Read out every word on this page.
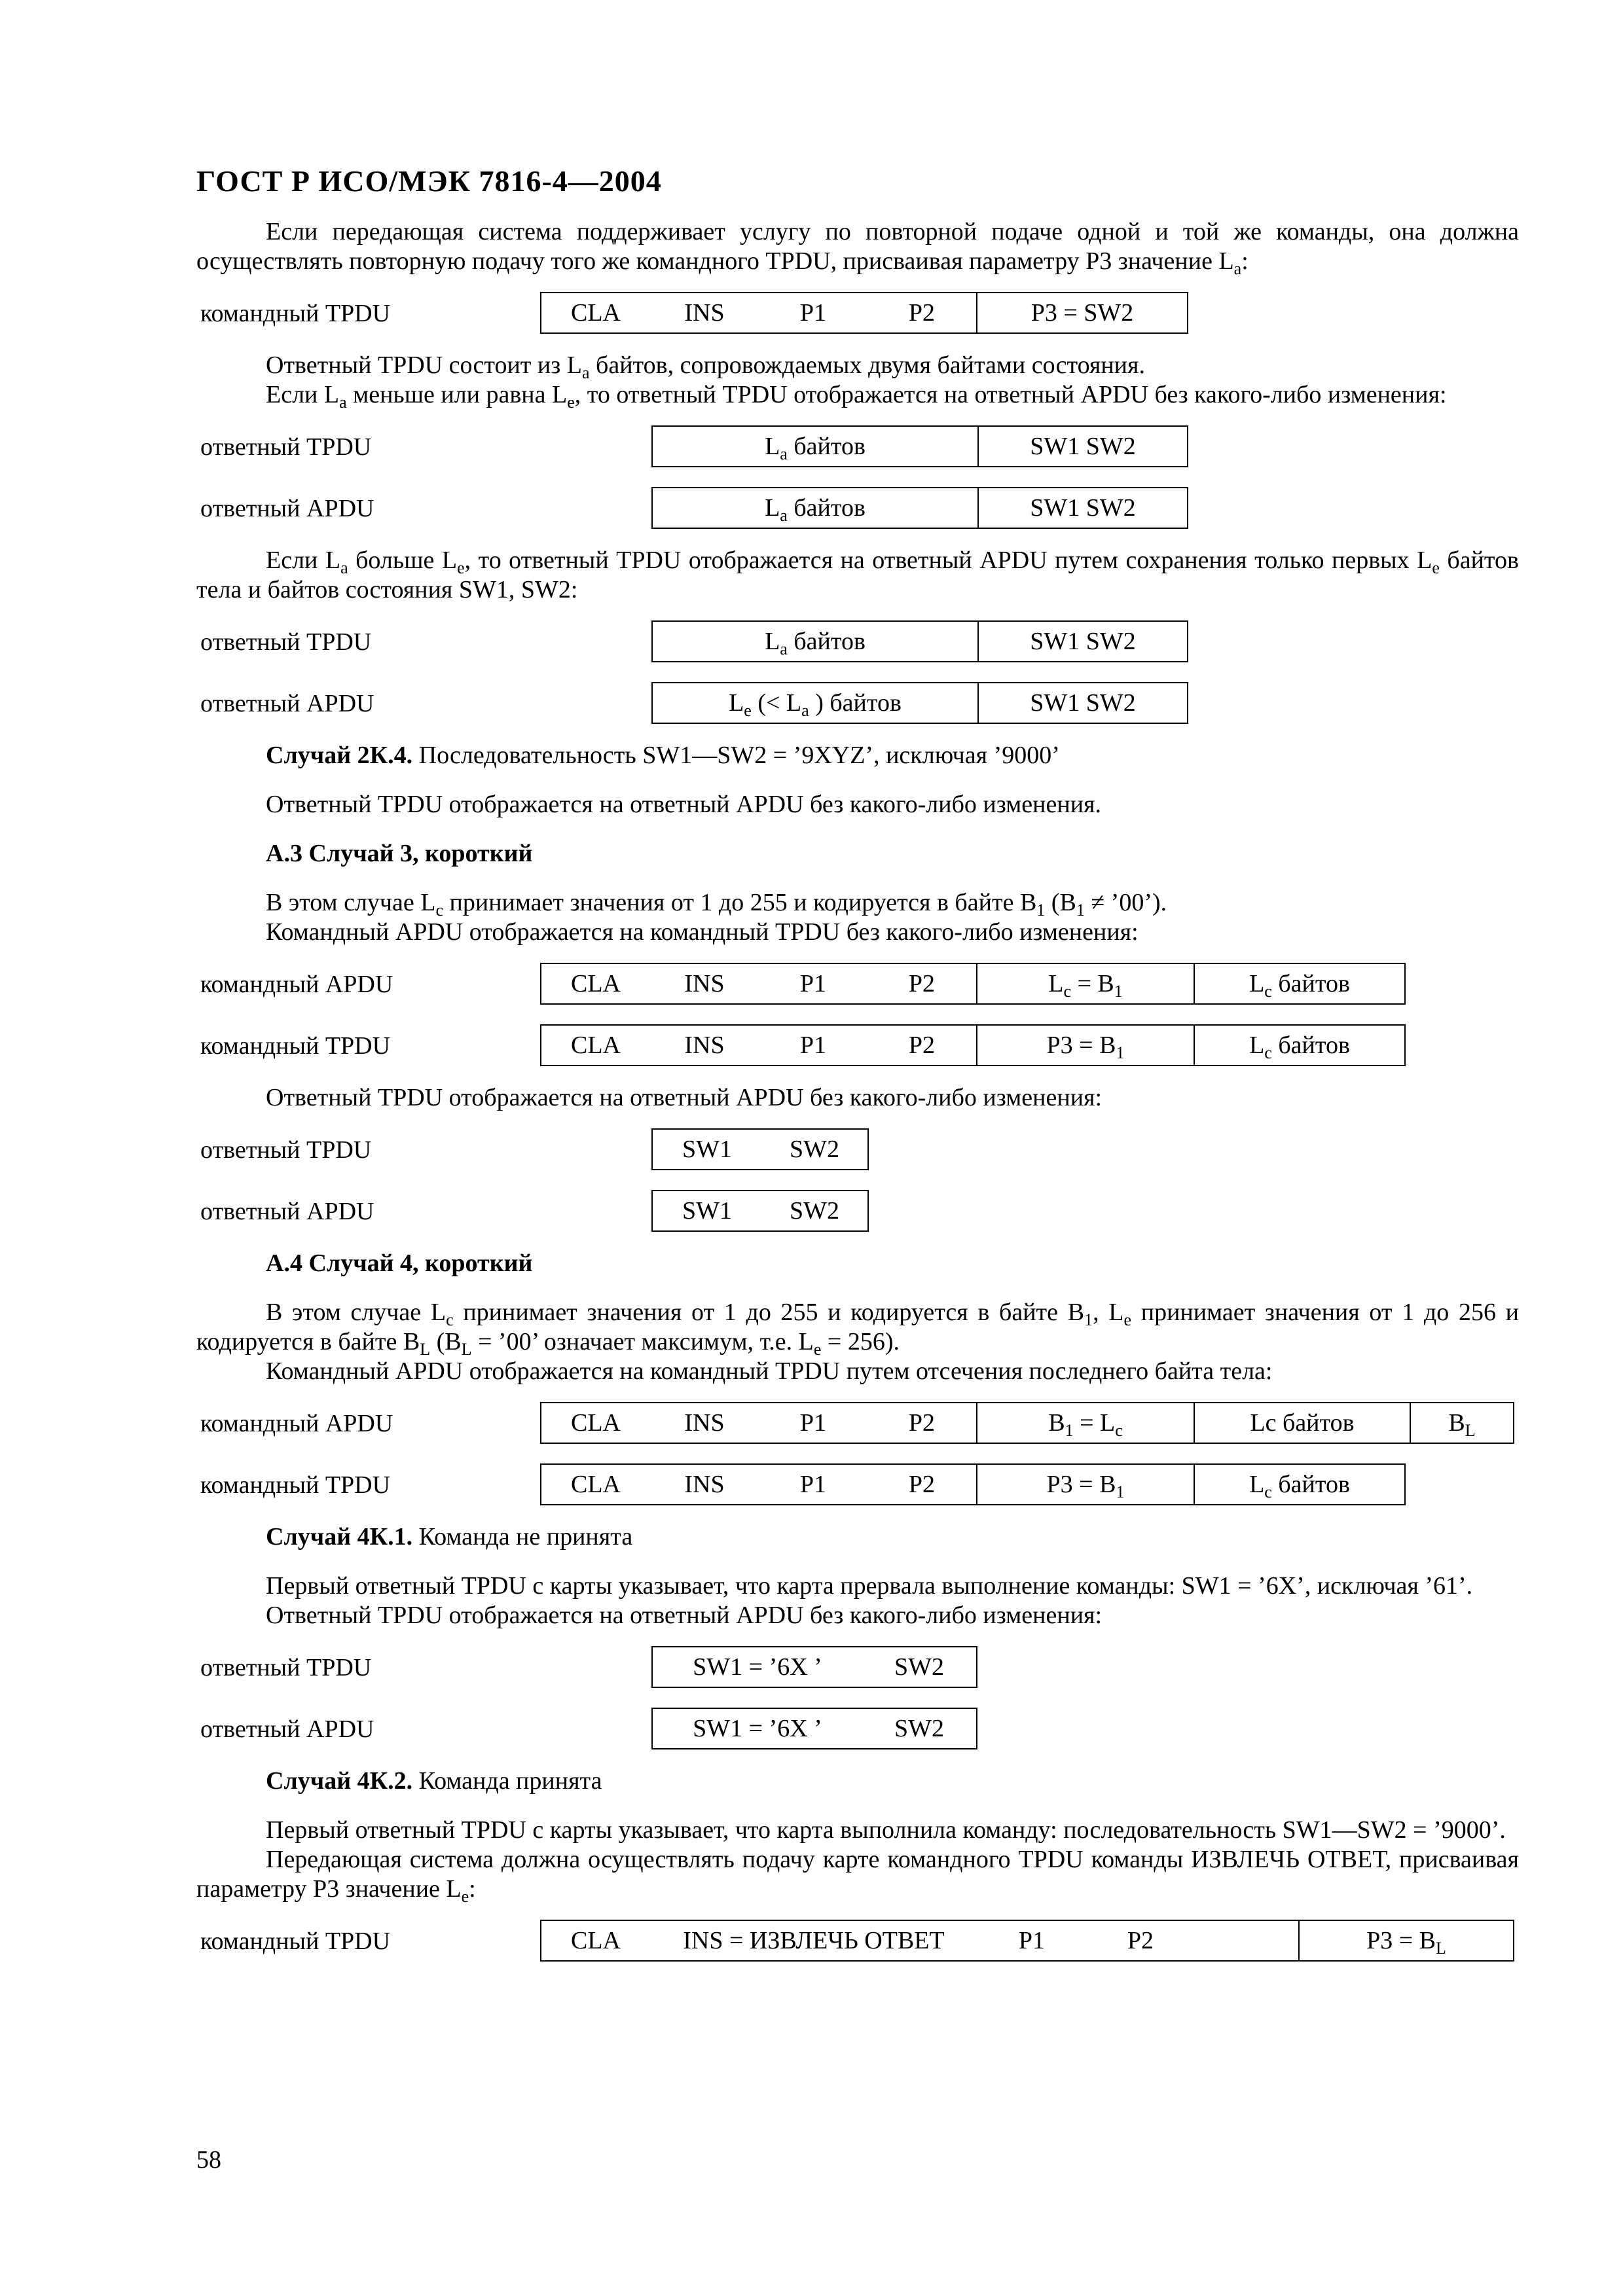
ГОСТ Р ИСО/МЭК 7816-4—2004

Если передающая система поддерживает услугу по повторной подаче одной и той же команды, она должна осуществлять повторную подачу того же командного TPDU, присваивая параметру P3 значение $L_a$:

командный TPDU	CLA	INS	P1	P2	P3 = SW2

Ответный TPDU состоит из $L_a$ байтов, сопровождаемых двумя байтами состояния.

Если $L_a$ меньше или равна $L_e$, то ответный TPDU отображается на ответный APDU без какого-либо изменения:

ответный TPDU	$L_a$ байтов	SW1 SW2
ответный APDU	$L_a$ байтов	SW1 SW2

Если $L_a$ больше $L_e$, то ответный TPDU отображается на ответный APDU путем сохранения только первых $L_e$ байтов тела и байтов состояния SW1, SW2:

ответный TPDU	$L_a$ байтов	SW1 SW2
ответный APDU	$L_e$ (< $L_a$ ) байтов	SW1 SW2

Случай 2К.4. Последовательность SW1—SW2 = ’9XYZ’, исключая ’9000’

Ответный TPDU отображается на ответный APDU без какого-либо изменения.

А.3 Случай 3, короткий

В этом случае $L_c$ принимает значения от 1 до 255 и кодируется в байте $B_1$ ($B_1$ ≠ ’00’).

Командный APDU отображается на командный TPDU без какого-либо изменения:

командный APDU	CLA	INS	P1	P2	$L_c = B_1$	$L_c$ байтов
командный TPDU	CLA	INS	P1	P2	$P3 = B_1$	$L_c$ байтов

Ответный TPDU отображается на ответный APDU без какого-либо изменения:

ответный TPDU	SW1	SW2
ответный APDU	SW1	SW2

А.4 Случай 4, короткий

В этом случае $L_c$ принимает значения от 1 до 255 и кодируется в байте $B_1$, $L_e$ принимает значения от 1 до 256 и кодируется в байте $B_L$ ($B_L$ = ’00’ означает максимум, т.е. $L_e = 256$).

Командный APDU отображается на командный TPDU путем отсечения последнего байта тела:

командный APDU	CLA	INS	P1	P2	$B_1 = L_c$	Lc байтов	$B_L$
командный TPDU	CLA	INS	P1	P2	$P3 = B_1$	$L_c$ байтов

Случай 4К.1. Команда не принята

Первый ответный TPDU с карты указывает, что карта прервала выполнение команды: SW1 = ’6X’, исключая ’61’.

Ответный TPDU отображается на ответный APDU без какого-либо изменения:

ответный TPDU	SW1 = ’6X ’	SW2
ответный APDU	SW1 = ’6X ’	SW2

Случай 4К.2. Команда принята

Первый ответный TPDU с карты указывает, что карта выполнила команду: последовательность SW1—SW2 = ’9000’.

Передающая система должна осуществлять подачу карте командного TPDU команды ИЗВЛЕЧЬ ОТВЕТ, присваивая параметру P3 значение $L_e$:

командный TPDU	CLA	INS = ИЗВЛЕЧЬ ОТВЕТ	P1	P2	$P3 = B_L$
58
